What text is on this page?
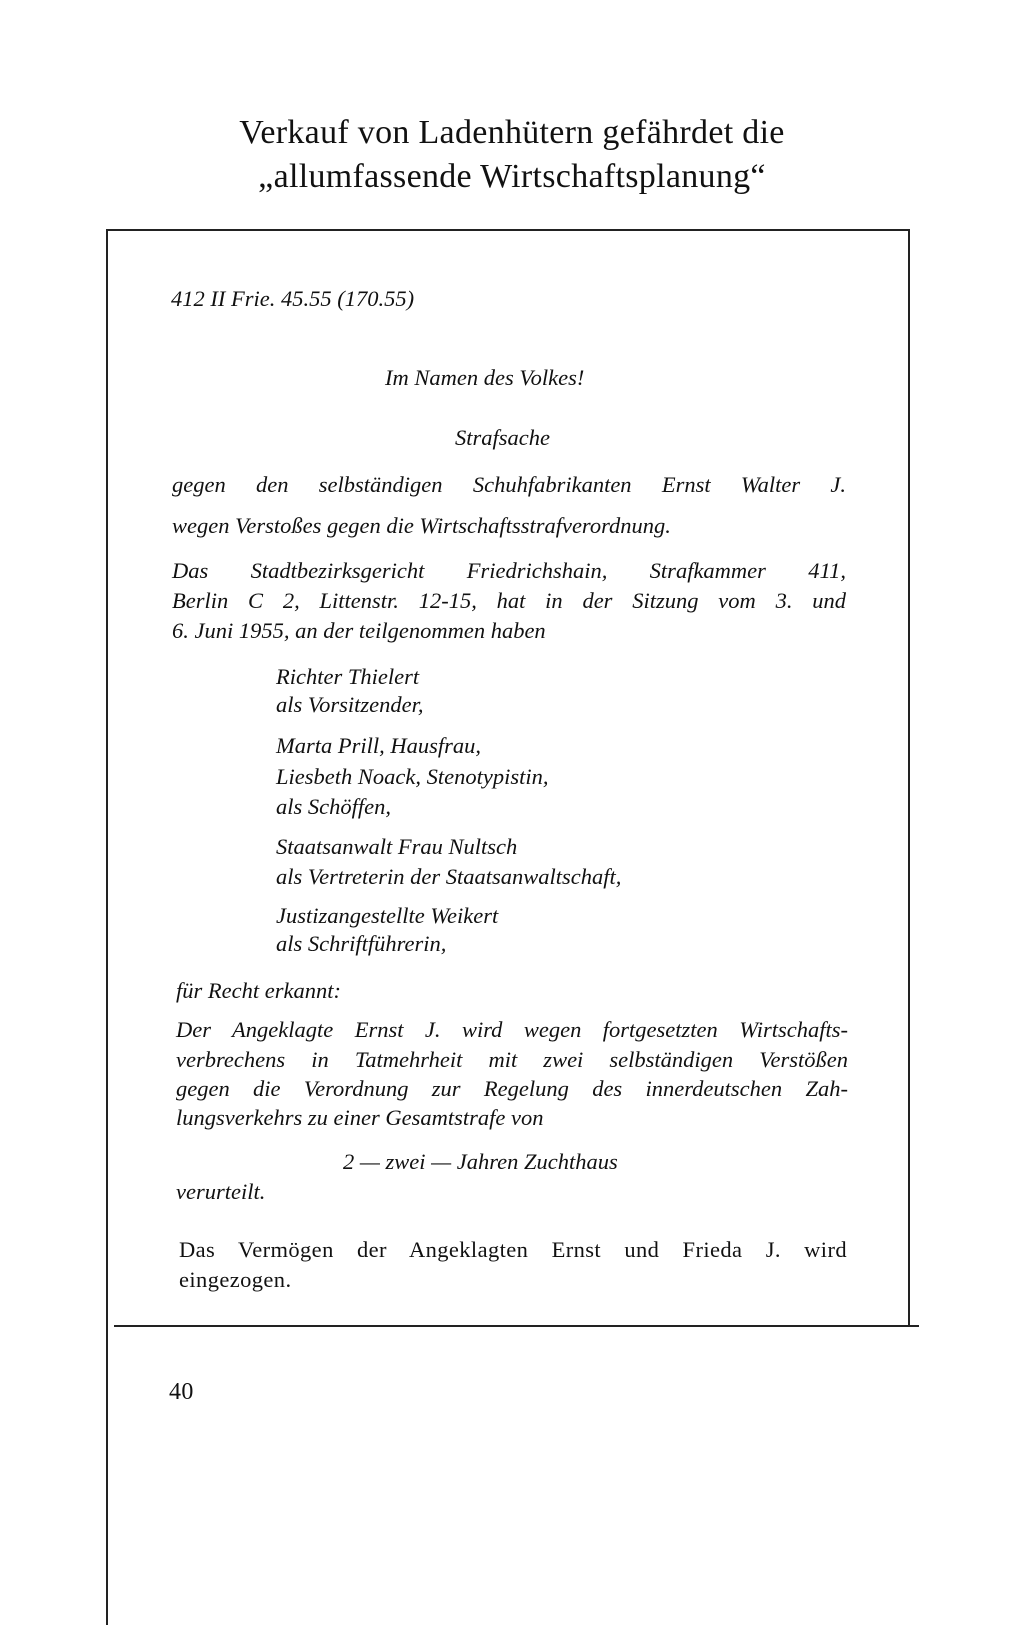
Verkauf von Ladenhütern gefährdet die
„allumfassende Wirtschaftsplanung“
412 II Frie. 45.55 (170.55)
Im Namen des Volkes!
Strafsache
gegen den selbständigen Schuhfabrikanten Ernst Walter J.
wegen Verstoßes gegen die Wirtschaftsstrafverordnung.
Das Stadtbezirksgericht Friedrichshain, Strafkammer 411,
Berlin C 2, Littenstr. 12-15, hat in der Sitzung vom 3. und
6. Juni 1955, an der teilgenommen haben
Richter Thielert
als Vorsitzender,
Marta Prill, Hausfrau,
Liesbeth Noack, Stenotypistin,
als Schöffen,
Staatsanwalt Frau Nultsch
als Vertreterin der Staatsanwaltschaft,
Justizangestellte Weikert
als Schriftführerin,
für Recht erkannt:
Der Angeklagte Ernst J. wird wegen fortgesetzten Wirtschafts-
verbrechens in Tatmehrheit mit zwei selbständigen Verstößen
gegen die Verordnung zur Regelung des innerdeutschen Zah-
lungsverkehrs zu einer Gesamtstrafe von
2 — zwei — Jahren Zuchthaus
verurteilt.
Das Vermögen der Angeklagten Ernst und Frieda J. wird
eingezogen.
40
